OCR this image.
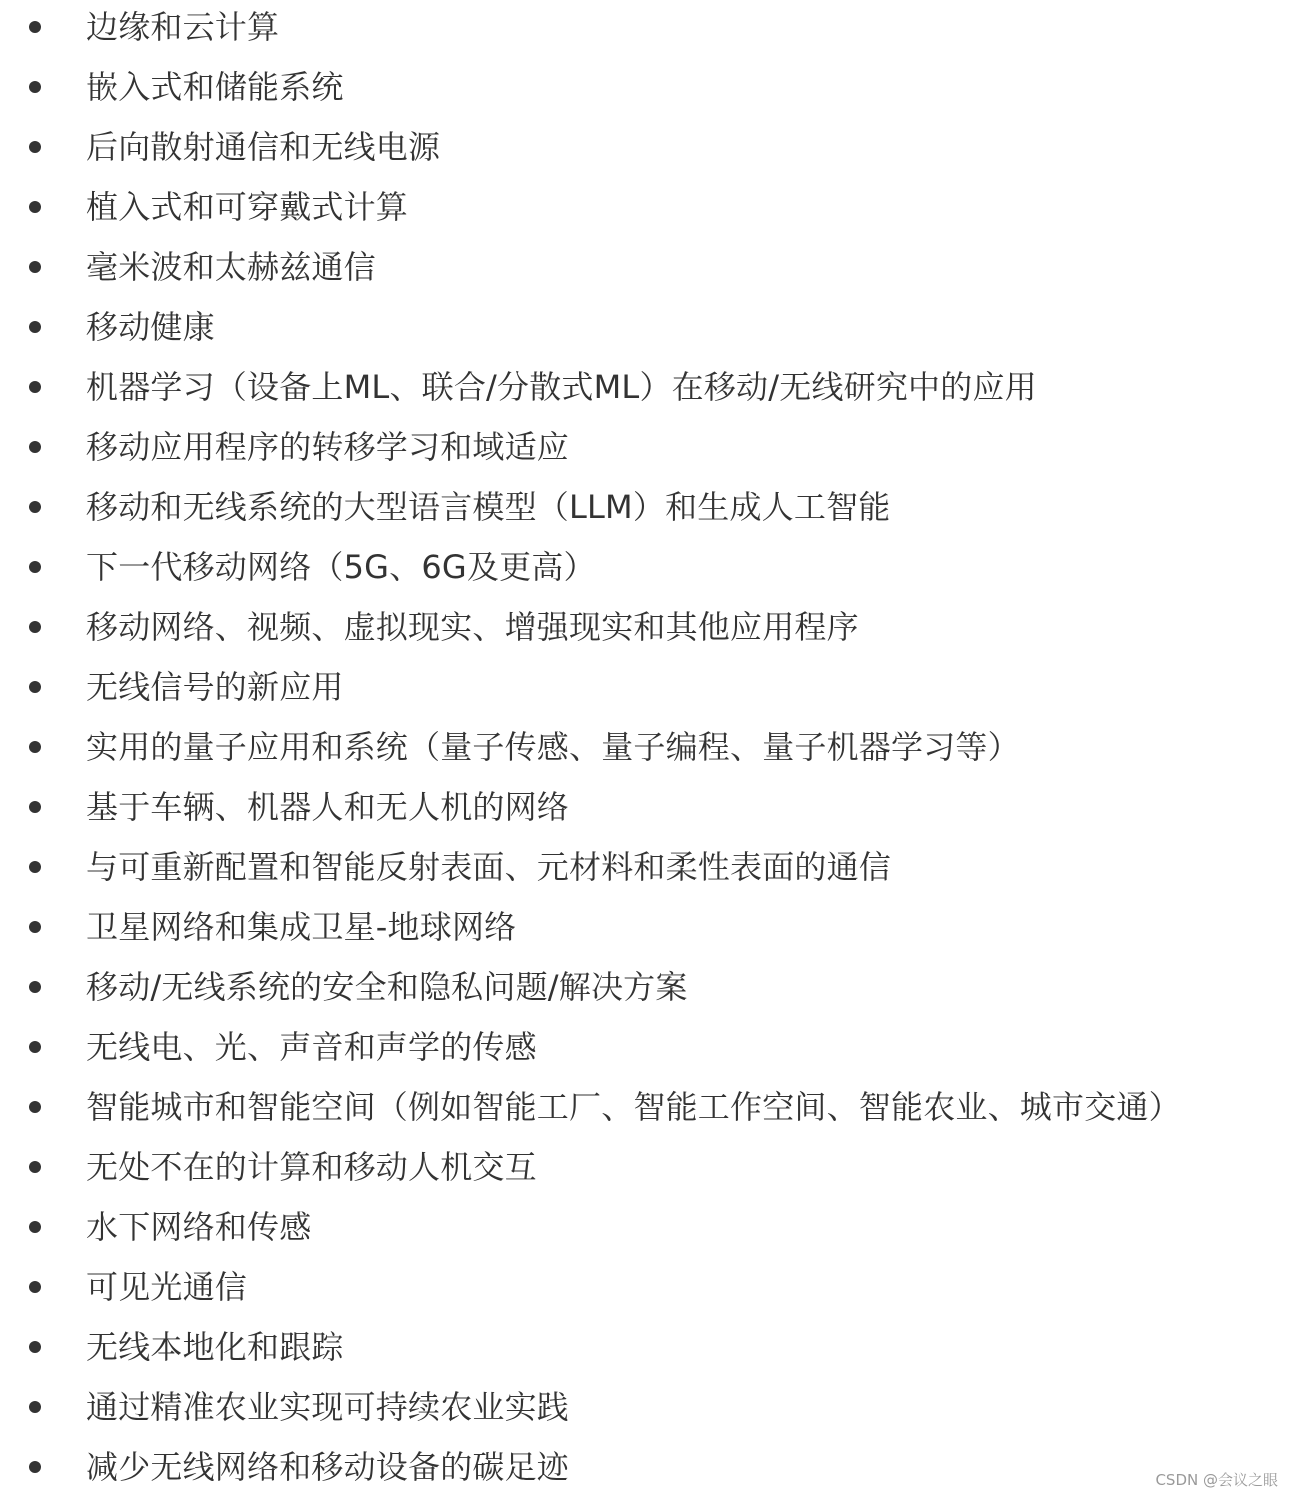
边缘和云计算
嵌入式和储能系统
后向散射通信和无线电源
植入式和可穿戴式计算
毫米波和太赫兹通信
移动健康
机器学习（设备上ML、联合/分散式ML）在移动/无线研究中的应用
移动应用程序的转移学习和域适应
移动和无线系统的大型语言模型（LLM）和生成人工智能
下一代移动网络（5G、6G及更高）
移动网络、视频、虚拟现实、增强现实和其他应用程序
无线信号的新应用
实用的量子应用和系统（量子传感、量子编程、量子机器学习等）
基于车辆、机器人和无人机的网络
与可重新配置和智能反射表面、元材料和柔性表面的通信
卫星网络和集成卫星-地球网络
移动/无线系统的安全和隐私问题/解决方案
无线电、光、声音和声学的传感
智能城市和智能空间（例如智能工厂、智能工作空间、智能农业、城市交通）
无处不在的计算和移动人机交互
水下网络和传感
可见光通信
无线本地化和跟踪
通过精准农业实现可持续农业实践
减少无线网络和移动设备的碳足迹	CSDN @会议之眼
